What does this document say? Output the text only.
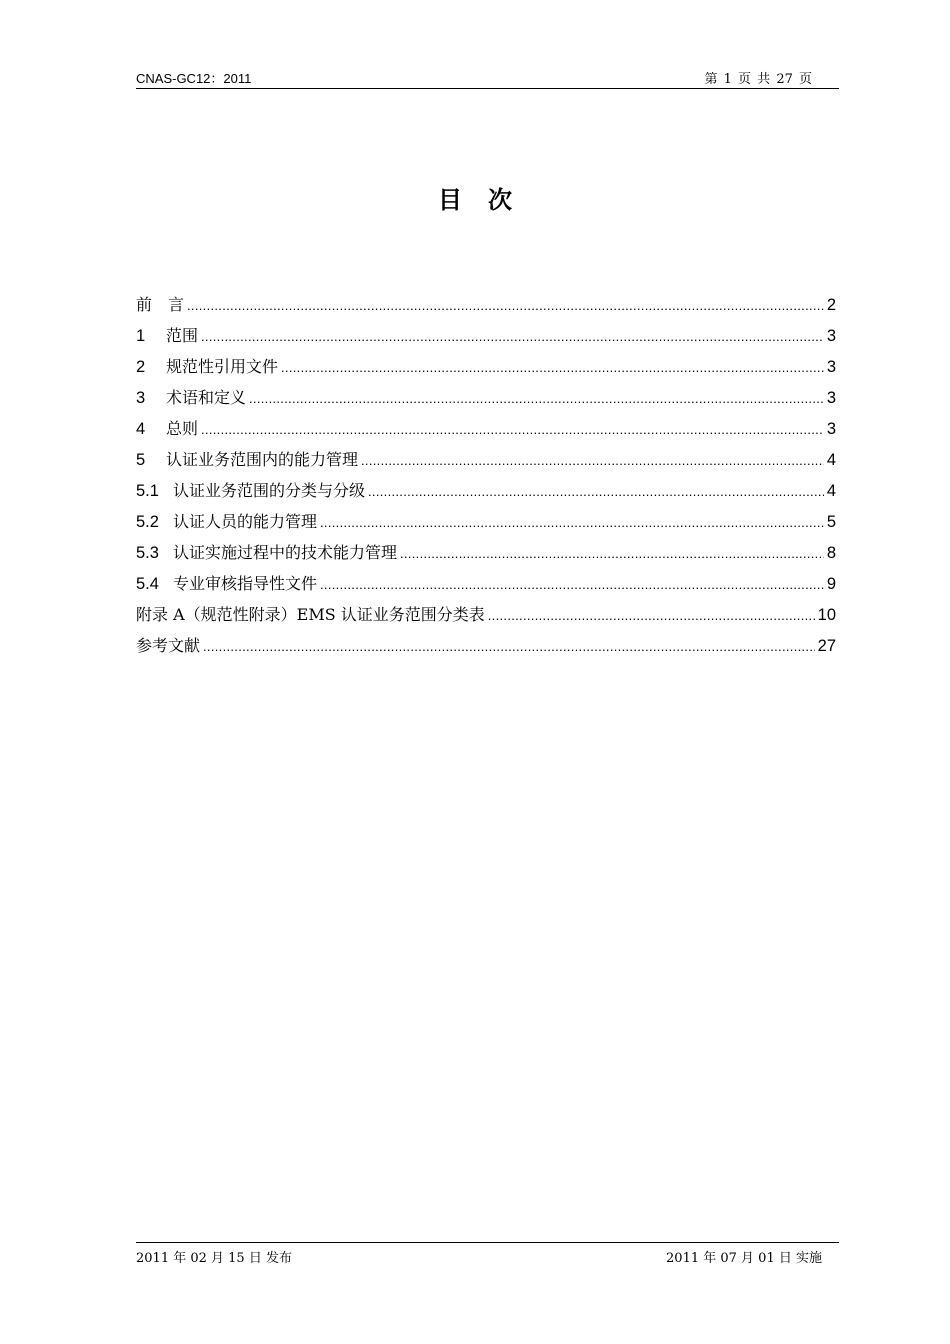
CNAS-GC12：2011	第 1 页 共 27 页
目次
前　言 .....	2
1	范围 .....	3
2	规范性引用文件 .....	3
3	术语和定义 .....	3
4	总则 .....	3
5	认证业务范围内的能力管理 .....	4
5.1 认证业务范围的分类与分级 .....	4
5.2 认证人员的能力管理 .....	5
5.3 认证实施过程中的技术能力管理 .....	8
5.4 专业审核指导性文件 .....	9
附录 A（规范性附录）EMS 认证业务范围分类表 .....	10
参考文献 .....	27
2011 年 02 月 15 日 发布	2011 年 07 月 01 日 实施
